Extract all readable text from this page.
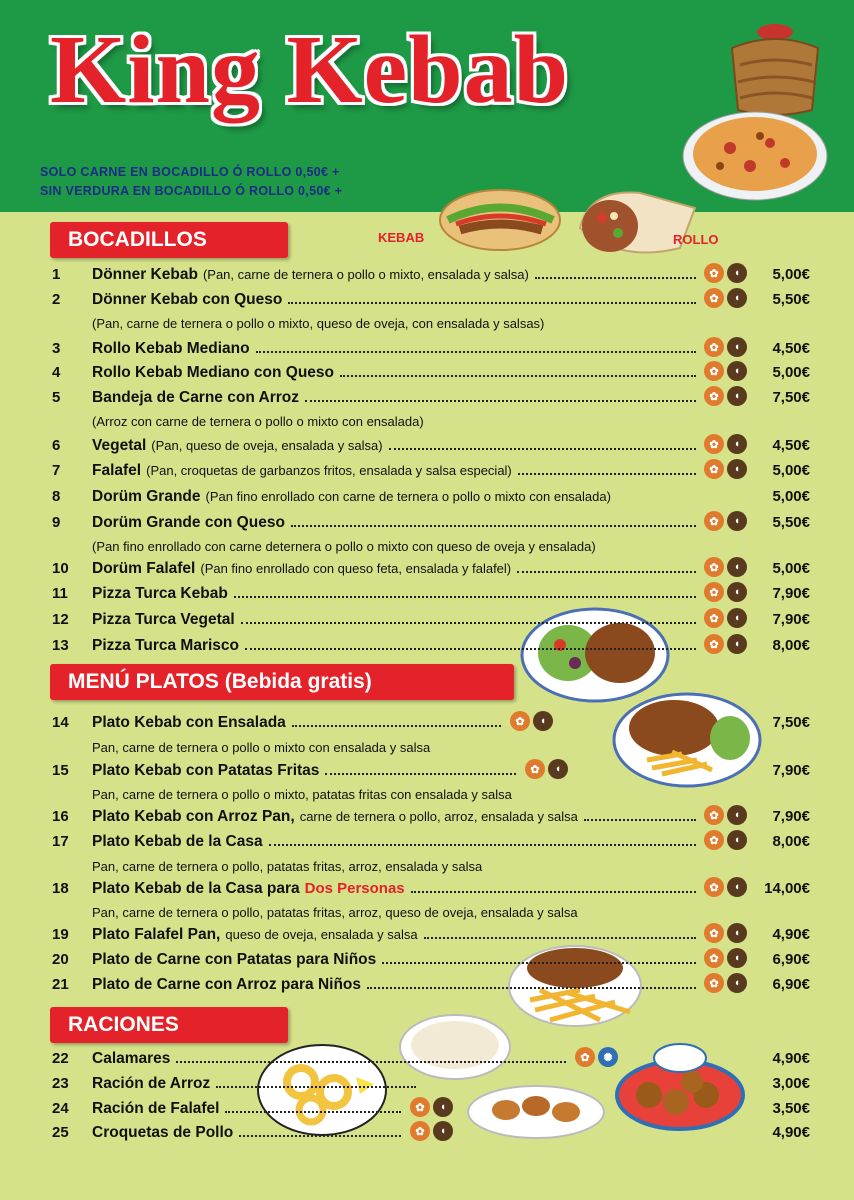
King Kebab
SOLO CARNE EN BOCADILLO Ó ROLLO 0,50€ +
SIN VERDURA EN BOCADILLO Ó ROLLO 0,50€ +
KEBAB	ROLLO
BOCADILLOS
MENÚ PLATOS (Bebida gratis)
RACIONES
1 Dönner Kebab (Pan, carne de ternera o pollo o mixto, ensalada y salsa)	✿	◖	5,00€
2 Dönner Kebab con Queso	✿	◖	5,50€
(Pan, carne de ternera o pollo o mixto, queso de oveja, con ensalada y salsas)
3 Rollo Kebab Mediano	✿	◖	4,50€
4 Rollo Kebab Mediano con Queso	✿	◖	5,00€
5 Bandeja de Carne con Arroz	✿	◖	7,50€
(Arroz con carne de ternera o pollo o mixto con ensalada)
6 Vegetal (Pan, queso de oveja, ensalada y salsa)	✿	◖	4,50€
7 Falafel (Pan, croquetas de garbanzos fritos, ensalada y salsa especial)	✿	◖	5,00€
8 Dorüm Grande (Pan fino enrollado con carne de ternera o pollo o mixto con ensalada)	5,00€
9 Dorüm Grande con Queso	✿	◖	5,50€
(Pan fino enrollado con carne deternera o pollo o mixto con queso de oveja y ensalada)
10 Dorüm Falafel (Pan fino enrollado con queso feta, ensalada y falafel)	✿	◖	5,00€
11 Pizza Turca Kebab	✿	◖	7,90€
12 Pizza Turca Vegetal	✿	◖	7,90€
13 Pizza Turca Marisco	✿	◖	8,00€
14 Plato Kebab con Ensalada	✿	◖	7,50€
Pan, carne de ternera o pollo o mixto con ensalada y salsa
15 Plato Kebab con Patatas Fritas	✿	◖	7,90€
Pan, carne de ternera o pollo o mixto, patatas fritas con ensalada y salsa
16 Plato Kebab con Arroz Pan, carne de ternera o pollo, arroz, ensalada y salsa	✿	◖	7,90€
17 Plato Kebab de la Casa	✿	◖	8,00€
Pan, carne de ternera o pollo, patatas fritas, arroz, ensalada y salsa
18 Plato Kebab de la Casa para Dos Personas	✿	◖	14,00€
Pan, carne de ternera o pollo, patatas fritas, arroz, queso de oveja, ensalada y salsa
19 Plato Falafel Pan, queso de oveja, ensalada y salsa	✿	◖	4,90€
20 Plato de Carne con Patatas para Niños	✿	◖	6,90€
21 Plato de Carne con Arroz para Niños	✿	◖	6,90€
22 Calamares	✿	✺	4,90€
23 Ración de Arroz	3,00€
24 Ración de Falafel	✿	◖	3,50€
25 Croquetas de Pollo	✿	◖	4,90€
